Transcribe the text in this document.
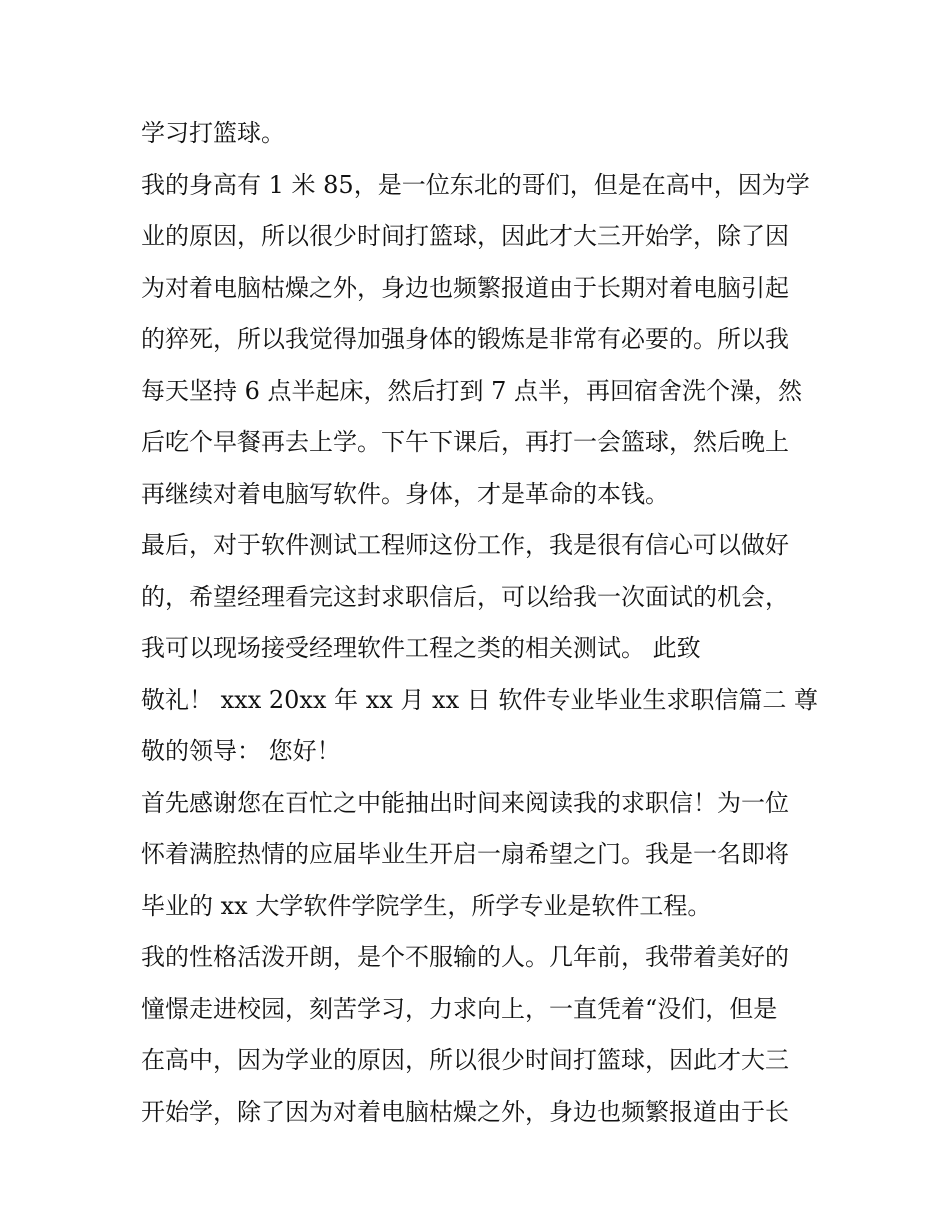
学习打篮球。
我的身高有 1 米 85，是一位东北的哥们，但是在高中，因为学
业的原因，所以很少时间打篮球，因此才大三开始学，除了因
为对着电脑枯燥之外，身边也频繁报道由于长期对着电脑引起
的猝死，所以我觉得加强身体的锻炼是非常有必要的。所以我
每天坚持 6 点半起床，然后打到 7 点半，再回宿舍洗个澡，然
后吃个早餐再去上学。下午下课后，再打一会篮球，然后晚上
再继续对着电脑写软件。身体，才是革命的本钱。
最后，对于软件测试工程师这份工作，我是很有信心可以做好
的，希望经理看完这封求职信后，可以给我一次面试的机会，
我可以现场接受经理软件工程之类的相关测试。 此致
敬礼！ xxx 20xx 年 xx 月 xx 日 软件专业毕业生求职信篇二 尊
敬的领导： 您好！
首先感谢您在百忙之中能抽出时间来阅读我的求职信！为一位
怀着满腔热情的应届毕业生开启一扇希望之门。我是一名即将
毕业的 xx 大学软件学院学生，所学专业是软件工程。
我的性格活泼开朗，是个不服输的人。几年前，我带着美好的
憧憬走进校园，刻苦学习，力求向上，一直凭着“没们，但是
在高中，因为学业的原因，所以很少时间打篮球，因此才大三
开始学，除了因为对着电脑枯燥之外，身边也频繁报道由于长
